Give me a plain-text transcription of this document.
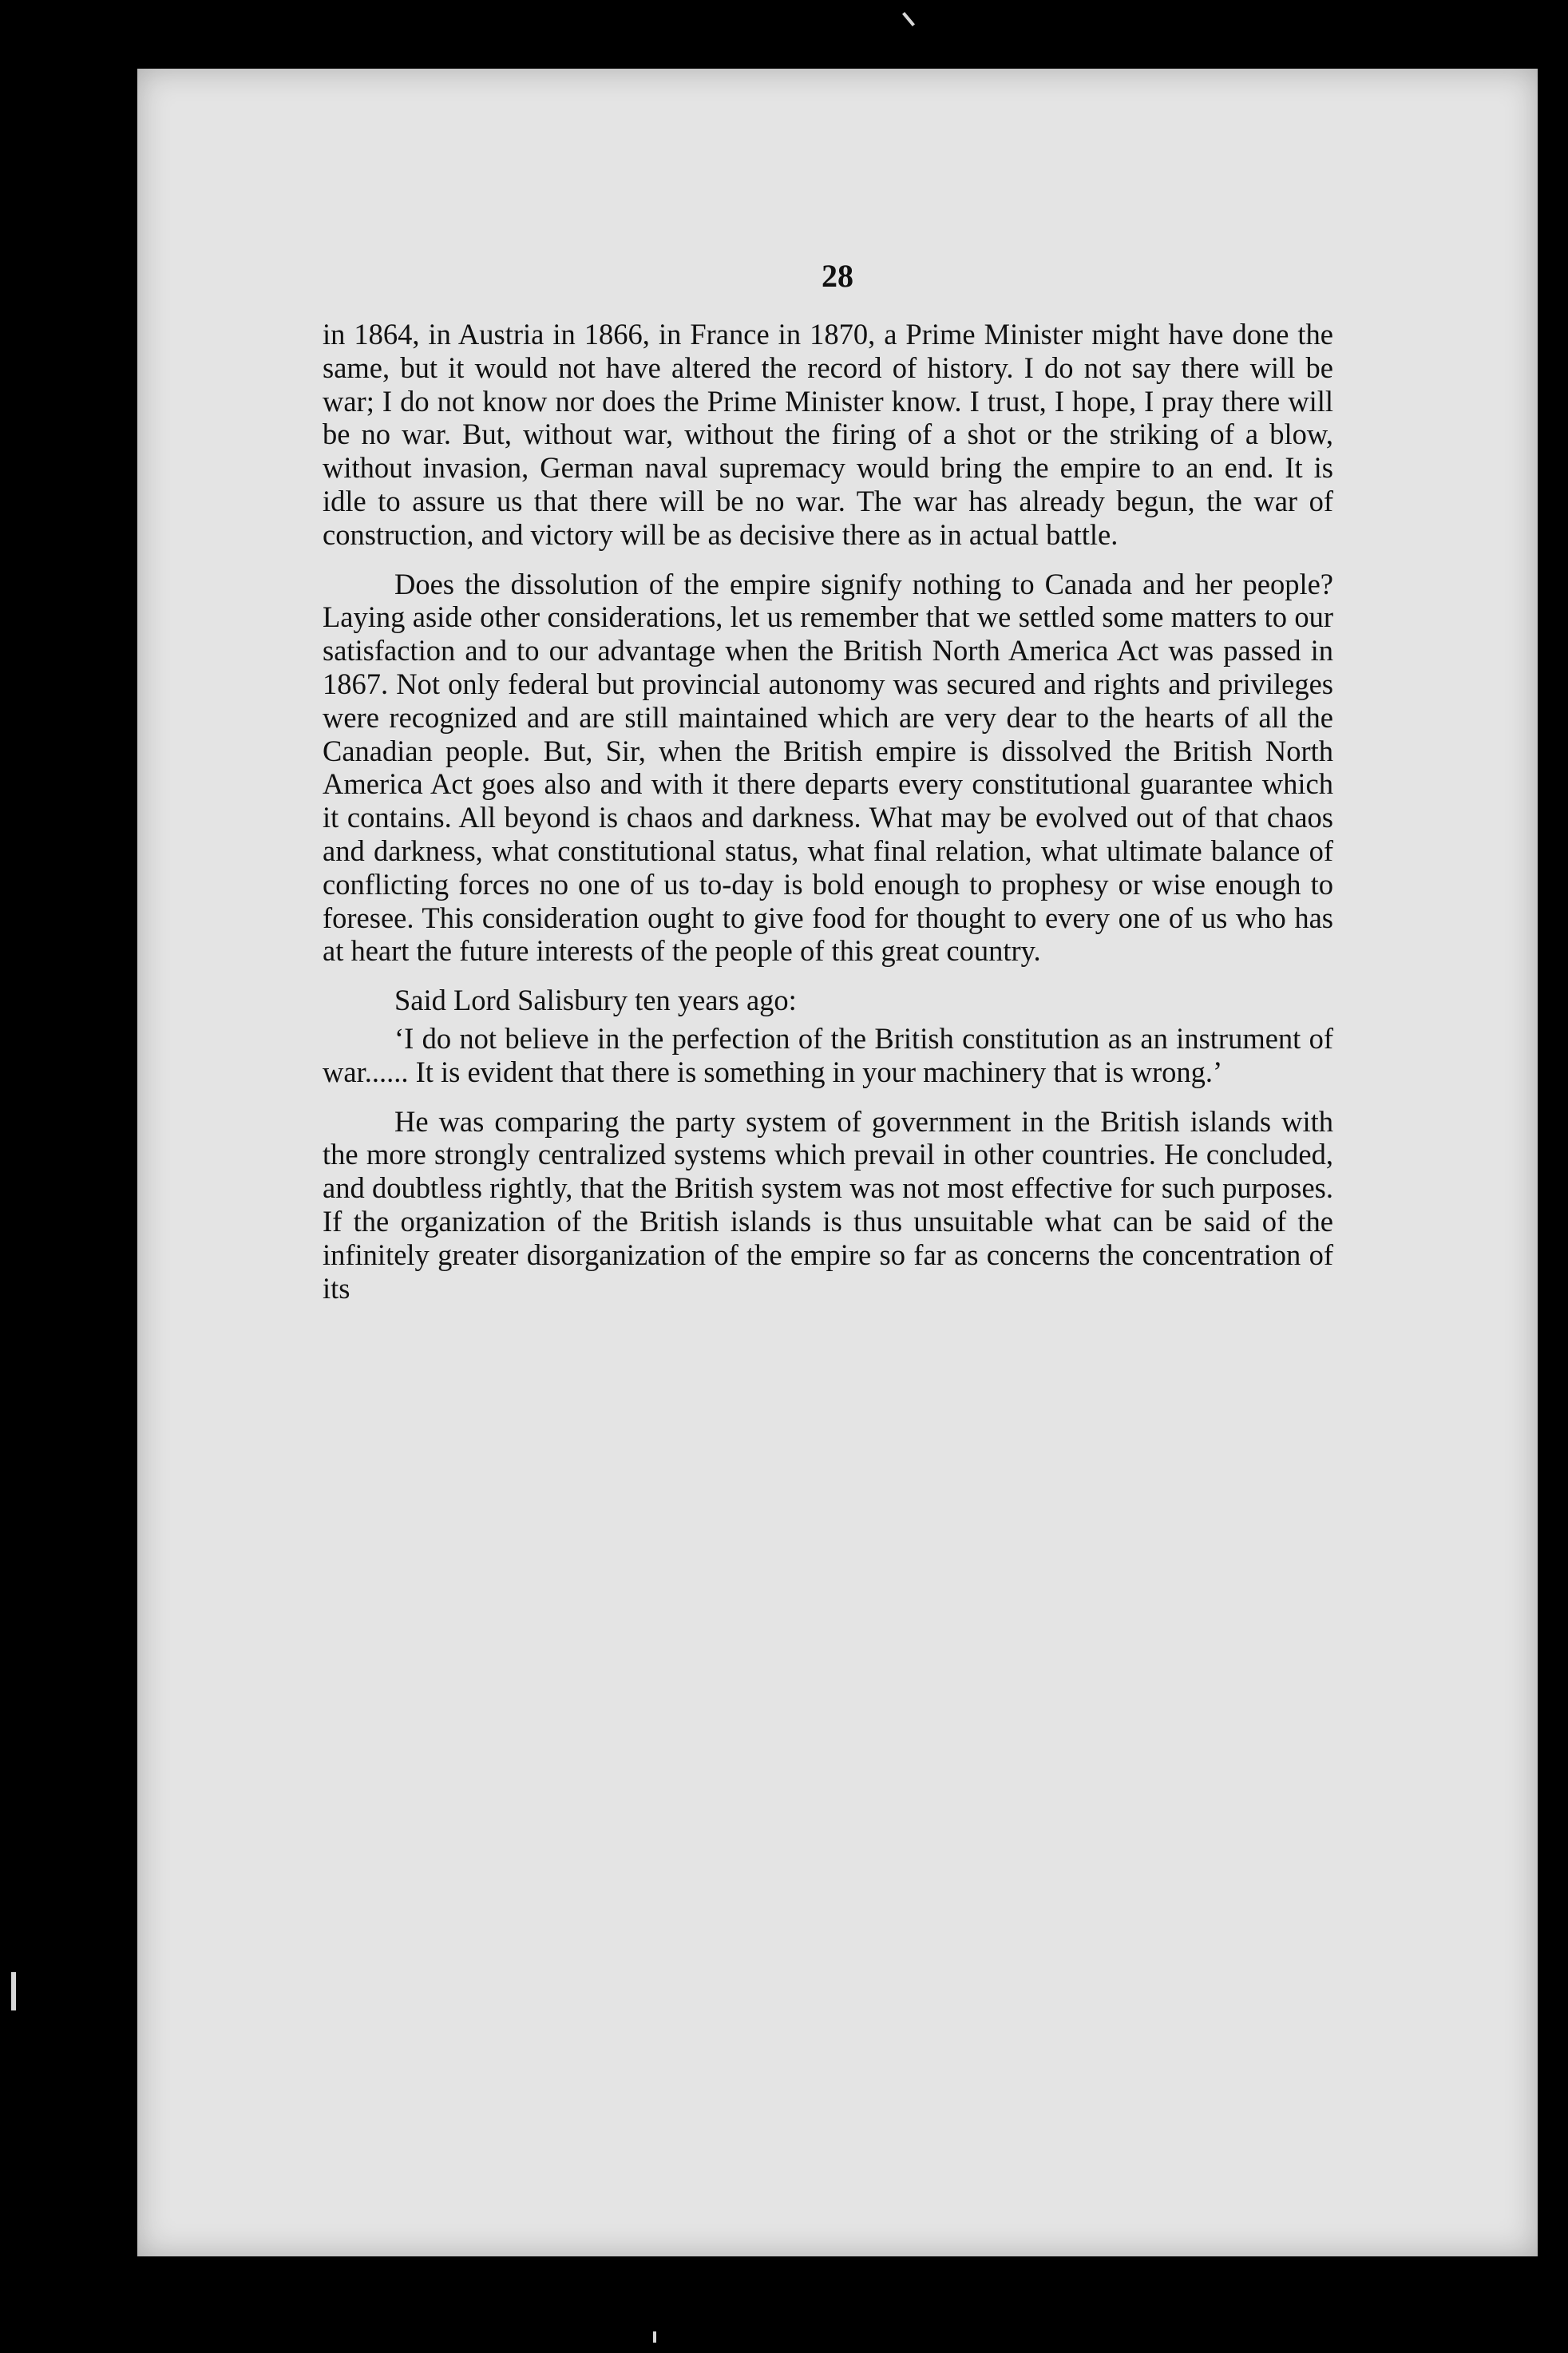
28

in 1864, in Austria in 1866, in France in 1870, a Prime Minister might have done the same, but it would not have altered the record of history. I do not say there will be war; I do not know nor does the Prime Minister know. I trust, I hope, I pray there will be no war. But, without war, without the firing of a shot or the striking of a blow, without invasion, German naval supremacy would bring the empire to an end. It is idle to assure us that there will be no war. The war has already begun, the war of construction, and victory will be as decisive there as in actual battle.

Does the dissolution of the empire signify nothing to Canada and her people? Laying aside other considerations, let us remember that we settled some matters to our satisfaction and to our advantage when the British North America Act was passed in 1867. Not only federal but provincial autonomy was secured and rights and privileges were recognized and are still maintained which are very dear to the hearts of all the Canadian people. But, Sir, when the British empire is dissolved the British North America Act goes also and with it there departs every constitutional guarantee which it contains. All beyond is chaos and darkness. What may be evolved out of that chaos and darkness, what constitutional status, what final relation, what ultimate balance of conflicting forces no one of us to-day is bold enough to prophesy or wise enough to foresee. This consideration ought to give food for thought to every one of us who has at heart the future interests of the people of this great country.

Said Lord Salisbury ten years ago:

‘I do not believe in the perfection of the British constitution as an instrument of war...... It is evident that there is something in your machinery that is wrong.’

He was comparing the party system of government in the British islands with the more strongly centralized systems which prevail in other countries. He concluded, and doubtless rightly, that the British system was not most effective for such purposes. If the organization of the British islands is thus unsuitable what can be said of the infinitely greater disorganization of the empire so far as concerns the concentration of its
